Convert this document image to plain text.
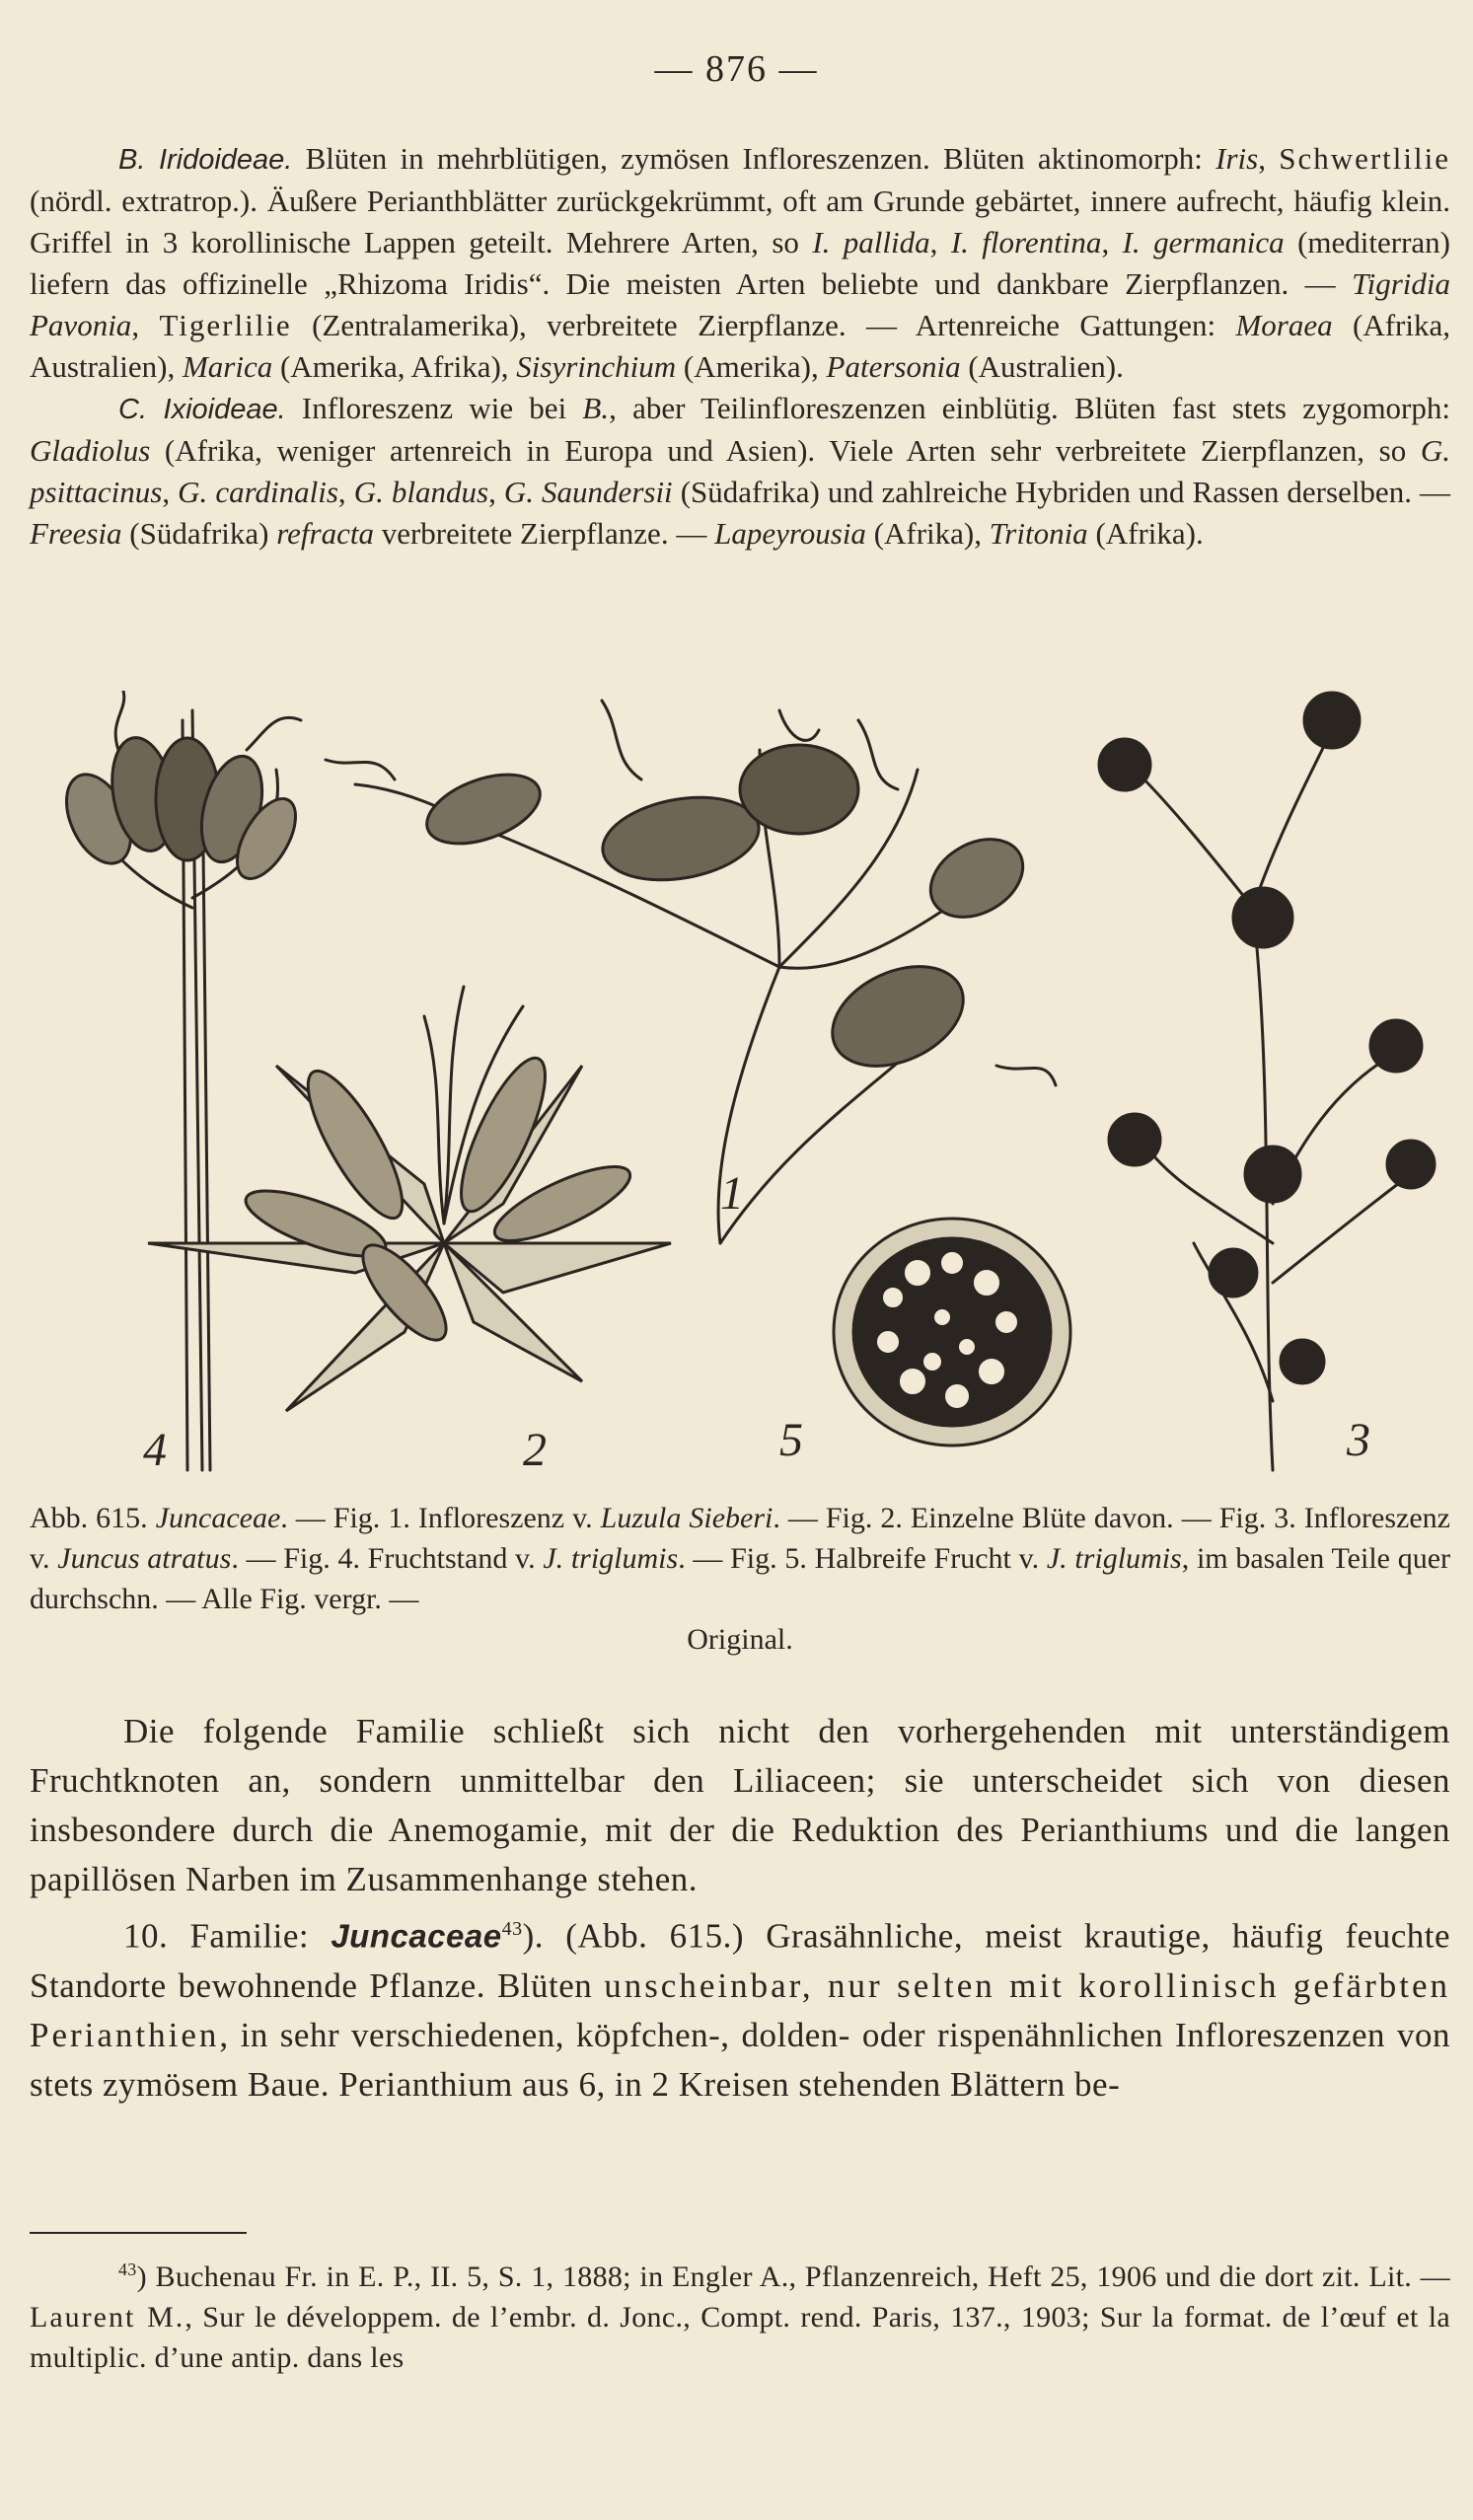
— 876 —

B. Iridoideae. Blüten in mehrblütigen, zymösen Infloreszenzen. Blüten aktinomorph: Iris, Schwertlilie (nördl. extratrop.). Äußere Perianthblätter zurückgekrümmt, oft am Grunde gebärtet, innere aufrecht, häufig klein. Griffel in 3 korollinische Lappen geteilt. Mehrere Arten, so I. pallida, I. florentina, I. germanica (mediterran) liefern das offizinelle „Rhizoma Iridis“. Die meisten Arten beliebte und dankbare Zierpflanzen. — Tigridia Pavonia, Tigerlilie (Zentralamerika), verbreitete Zierpflanze. — Artenreiche Gattungen: Moraea (Afrika, Australien), Marica (Amerika, Afrika), Sisyrinchium (Amerika), Patersonia (Australien).

C. Ixioideae. Infloreszenz wie bei B., aber Teilinfloreszenzen einblütig. Blüten fast stets zygomorph: Gladiolus (Afrika, weniger artenreich in Europa und Asien). Viele Arten sehr verbreitete Zierpflanzen, so G. psittacinus, G. cardinalis, G. blandus, G. Saundersii (Südafrika) und zahlreiche Hybriden und Rassen derselben. — Freesia (Südafrika) refracta verbreitete Zierpflanze. — Lapeyrousia (Afrika), Tritonia (Afrika).

1
2	3
4	5

Abb. 615. Juncaceae. — Fig. 1. Infloreszenz v. Luzula Sieberi. — Fig. 2. Einzelne Blüte davon. — Fig. 3. Infloreszenz v. Juncus atratus. — Fig. 4. Fruchtstand v. J. triglumis. — Fig. 5. Halbreife Frucht v. J. triglumis, im basalen Teile quer durchschn. — Alle Fig. vergr. —

Original.

Die folgende Familie schließt sich nicht den vorhergehenden mit unterständigem Fruchtknoten an, sondern unmittelbar den Liliaceen; sie unterscheidet sich von diesen insbesondere durch die Anemogamie, mit der die Reduktion des Perianthiums und die langen papillösen Narben im Zusammenhange stehen.

10. Familie: Juncaceae$^{43}$). (Abb. 615.) Grasähnliche, meist krautige, häufig feuchte Standorte bewohnende Pflanze. Blüten unscheinbar, nur selten mit korollinisch gefärbten Perianthien, in sehr verschiedenen, köpfchen-, dolden- oder rispenähnlichen Infloreszenzen von stets zymösem Baue. Perianthium aus 6, in 2 Kreisen stehenden Blättern be-

$^{43}$) Buchenau Fr. in E. P., II. 5, S. 1, 1888; in Engler A., Pflanzenreich, Heft 25, 1906 und die dort zit. Lit. — Laurent M., Sur le développem. de l’embr. d. Jonc., Compt. rend. Paris, 137., 1903; Sur la format. de l’œuf et la multiplic. d’une antip. dans les
